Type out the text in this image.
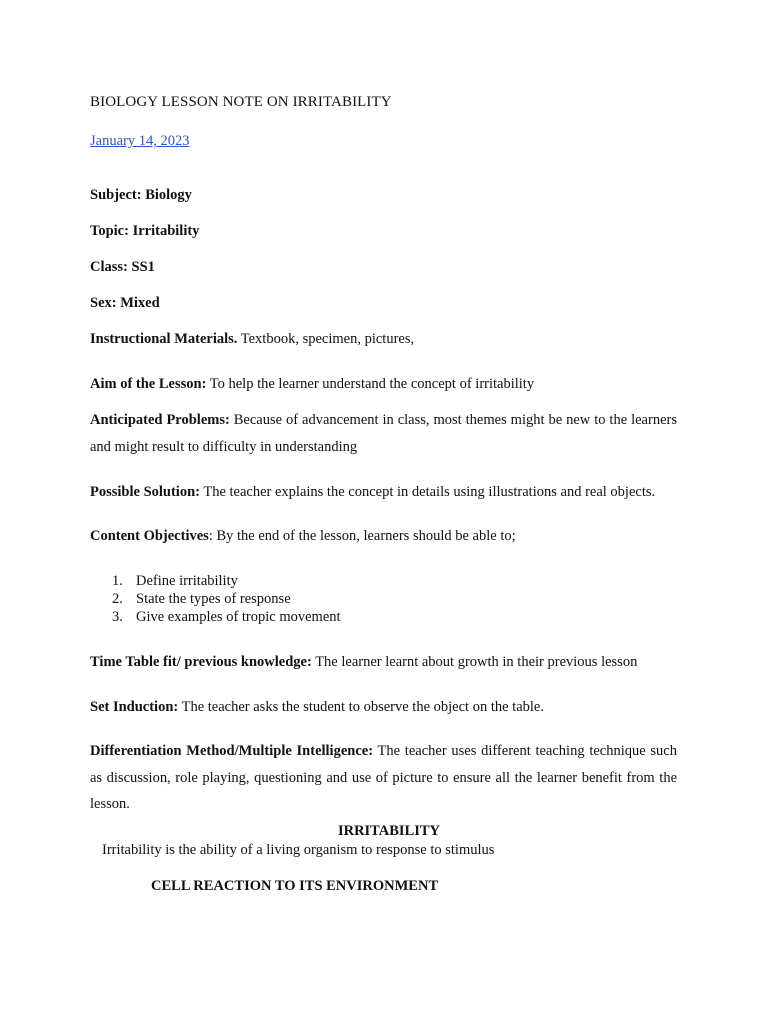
BIOLOGY LESSON NOTE ON IRRITABILITY
January 14, 2023
Subject: Biology
Topic: Irritability
Class: SS1
Sex: Mixed
Instructional Materials. Textbook, specimen, pictures,
Aim of the Lesson: To help the learner understand the concept of irritability
Anticipated Problems: Because of advancement in class, most themes might be new to the learners and might result to difficulty in understanding
Possible Solution: The teacher explains the concept in details using illustrations and real objects.
Content Objectives: By the end of the lesson, learners should be able to;
1. Define irritability
2. State the types of response
3. Give examples of tropic movement
Time Table fit/ previous knowledge: The learner learnt about growth in their previous lesson
Set Induction: The teacher asks the student to observe the object on the table.
Differentiation Method/Multiple Intelligence: The teacher uses different teaching technique such as discussion, role playing, questioning and use of picture to ensure all the learner benefit from the lesson.
IRRITABILITY
Irritability is the ability of a living organism to response to stimulus
CELL REACTION TO ITS ENVIRONMENT
